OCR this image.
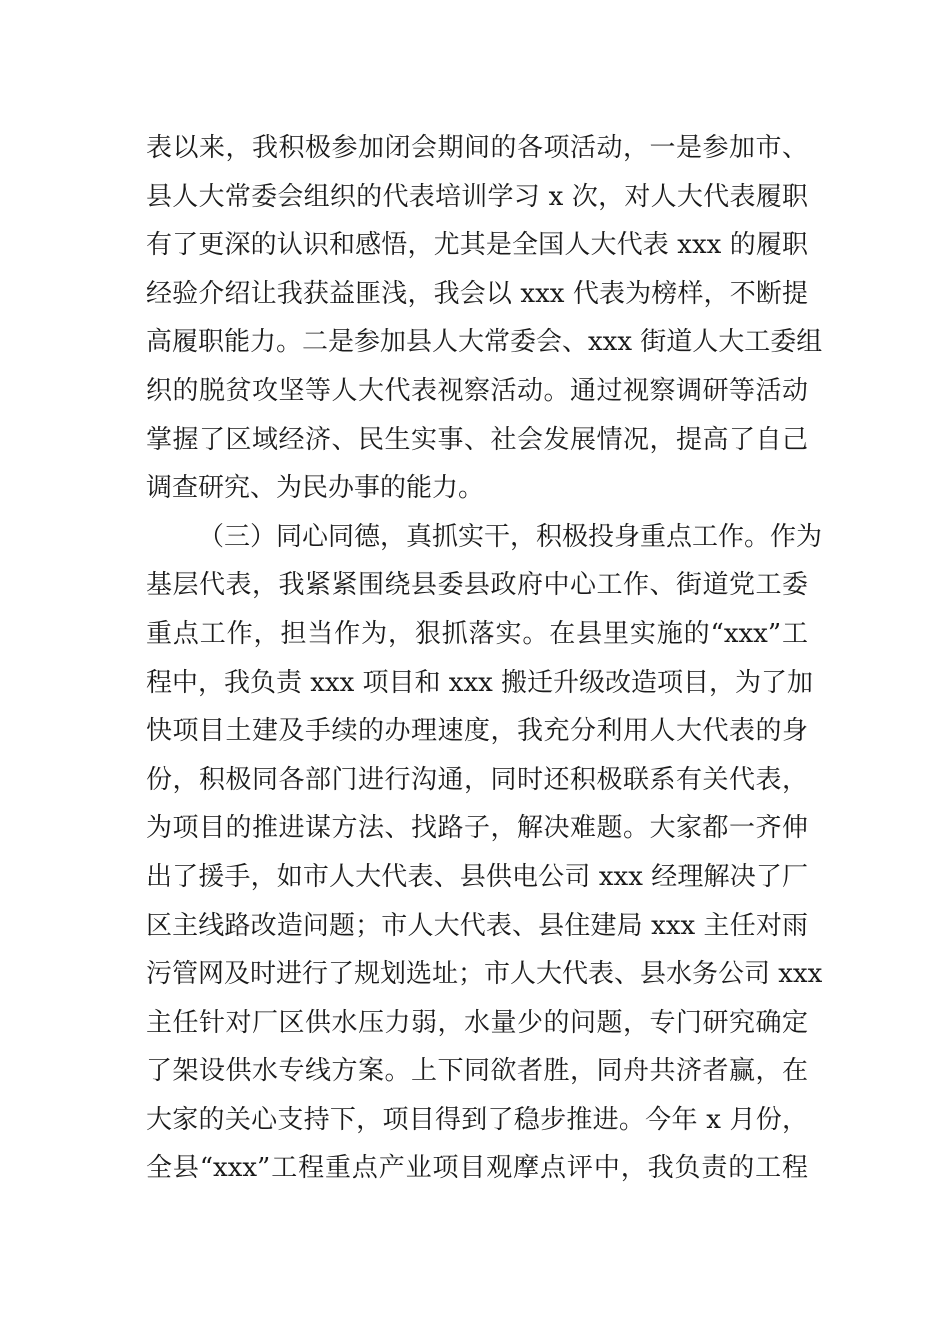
表以来，我积极参加闭会期间的各项活动，一是参加市、
县人大常委会组织的代表培训学习 x 次，对人大代表履职
有了更深的认识和感悟，尤其是全国人大代表 xxx 的履职
经验介绍让我获益匪浅，我会以 xxx 代表为榜样，不断提
高履职能力。二是参加县人大常委会、xxx 街道人大工委组
织的脱贫攻坚等人大代表视察活动。通过视察调研等活动
掌握了区域经济、民生实事、社会发展情况，提高了自己
调查研究、为民办事的能力。
（三）同心同德，真抓实干，积极投身重点工作。作为
基层代表，我紧紧围绕县委县政府中心工作、街道党工委
重点工作，担当作为，狠抓落实。在县里实施的“xxx”工
程中，我负责 xxx 项目和 xxx 搬迁升级改造项目，为了加
快项目土建及手续的办理速度，我充分利用人大代表的身
份，积极同各部门进行沟通，同时还积极联系有关代表，
为项目的推进谋方法、找路子，解决难题。大家都一齐伸
出了援手，如市人大代表、县供电公司 xxx 经理解决了厂
区主线路改造问题；市人大代表、县住建局 xxx 主任对雨
污管网及时进行了规划选址；市人大代表、县水务公司 xxx
主任针对厂区供水压力弱，水量少的问题，专门研究确定
了架设供水专线方案。上下同欲者胜，同舟共济者赢，在
大家的关心支持下，项目得到了稳步推进。今年 x 月份，
全县“xxx”工程重点产业项目观摩点评中，我负责的工程
